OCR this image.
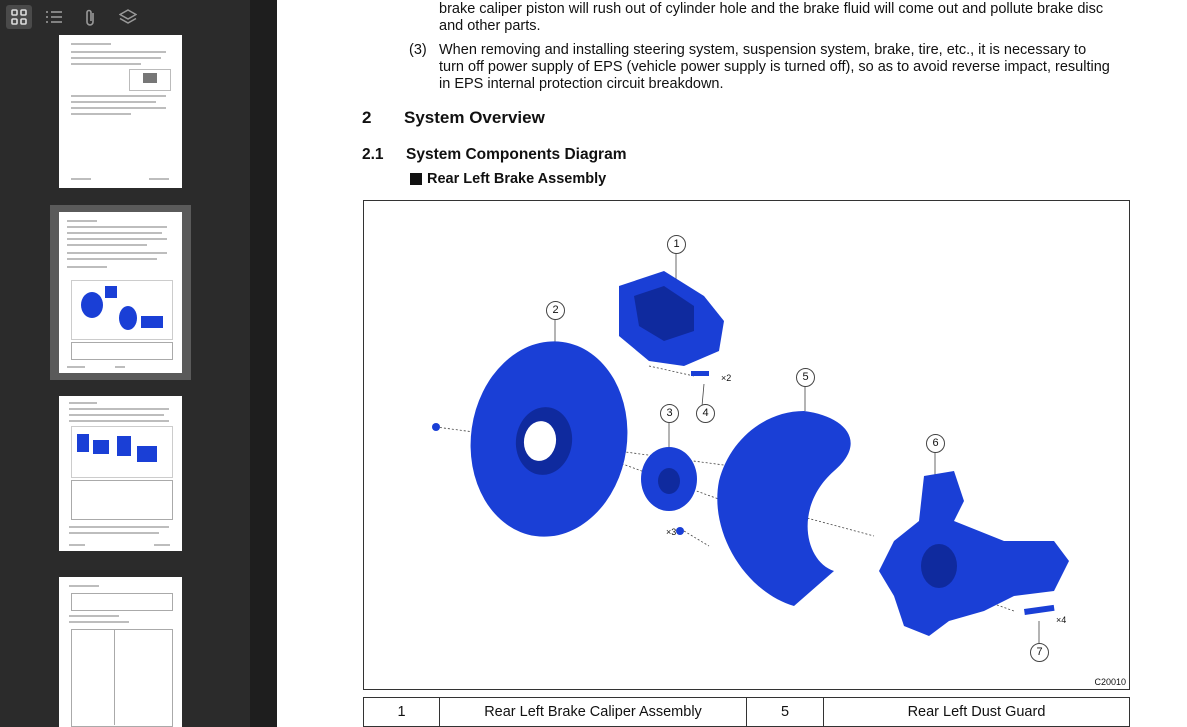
brake caliper piston will rush out of cylinder hole and the brake fluid will come out and pollute brake disc
and other parts.
(3) When removing and installing steering system, suspension system, brake, tire, etc., it is necessary to
turn off power supply of EPS (vehicle power supply is turned off), so as to avoid reverse impact, resulting
in EPS internal protection circuit breakdown.
2 System Overview
2.1 System Components Diagram
Rear Left Brake Assembly
1
2
3	4
5
6
7
×2
×3
×4
C20010
1	Rear Left Brake Caliper Assembly	5	Rear Left Dust Guard
